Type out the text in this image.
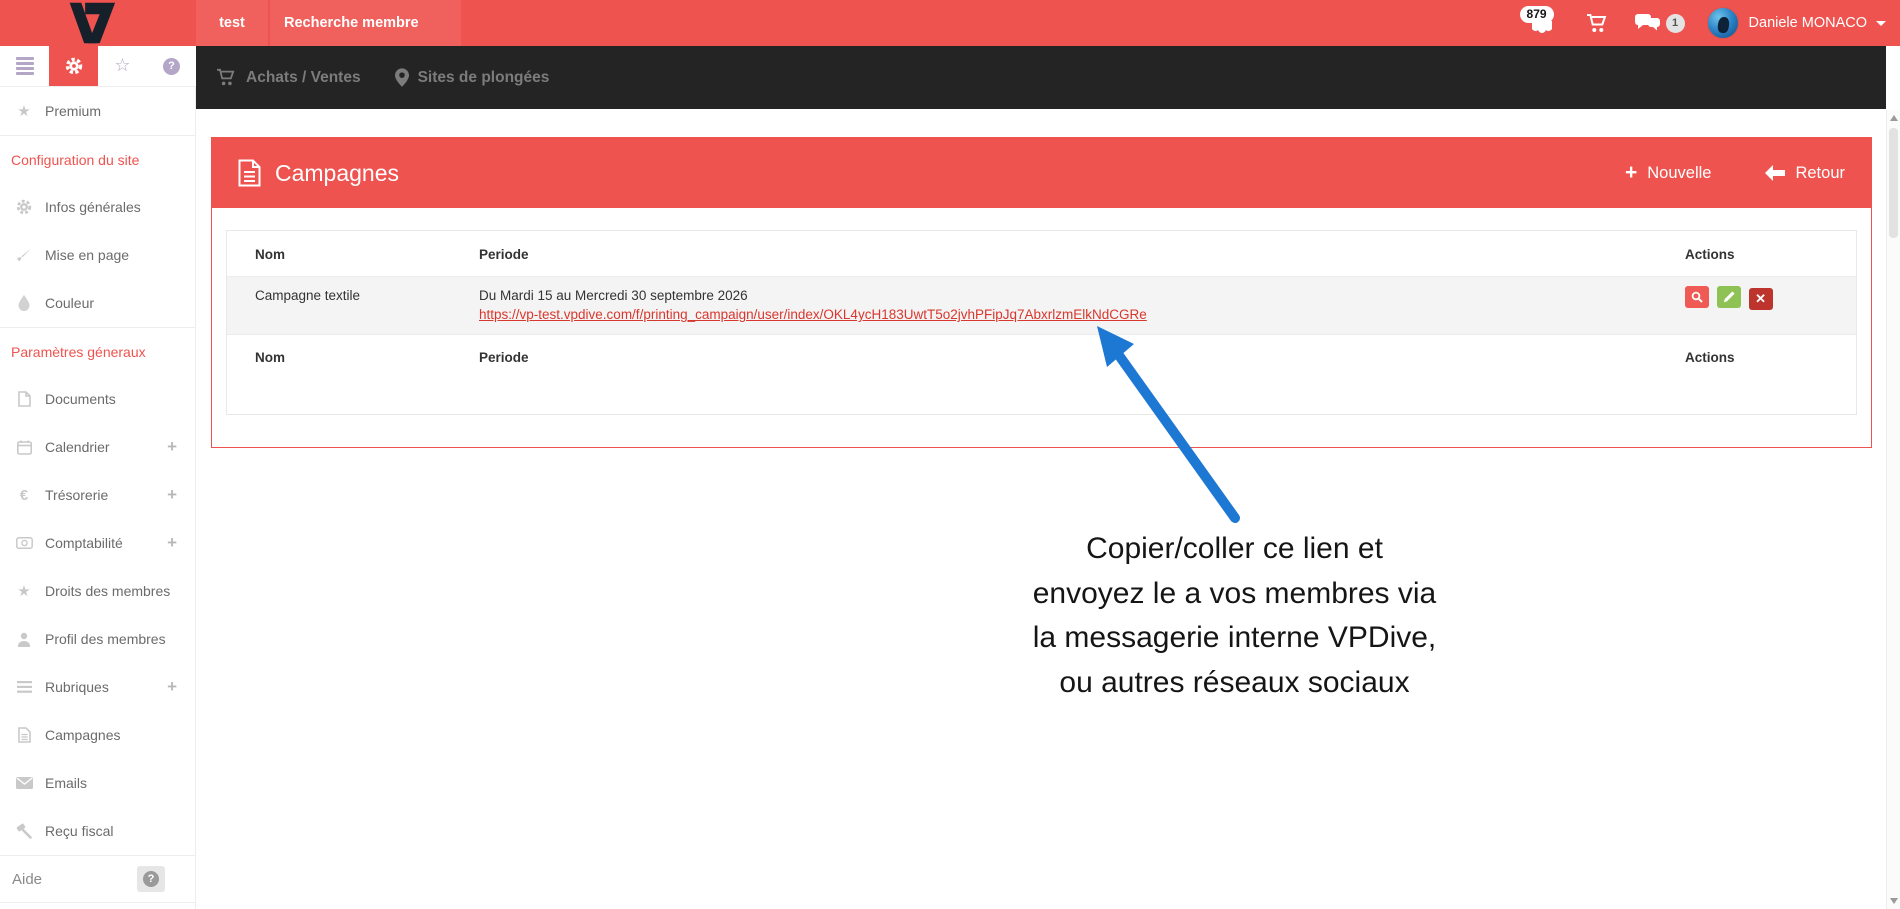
test
Recherche membre
879
1	Daniele MONACO
☆	?
Achats / Ventes	Sites de plongées
★ Premium
Configuration du site
Infos générales
Mise en page
Couleur
Paramètres géneraux
Documents
Calendrier	+
€	Trésorerie	+
Comptabilité	+
★ Droits des membres
Profil des membres
Rubriques	+
Campagnes
Emails
Reçu fiscal
Aide	?
Campagnes	+ Nouvelle	Retour
Nom	Periode	Actions
Campagne textile	Du Mardi 15 au Mercredi 30 septembre 2026
https://vp-test.vpdive.com/f/printing_campaign/user/index/OKL4ycH183UwtT5o2jvhPFipJq7AbxrlzmElkNdCGRe	✕

Nom	Periode	Actions
Copier/coller ce lien et
envoyez le a vos membres via
la messagerie interne VPDive,
ou autres réseaux sociaux
